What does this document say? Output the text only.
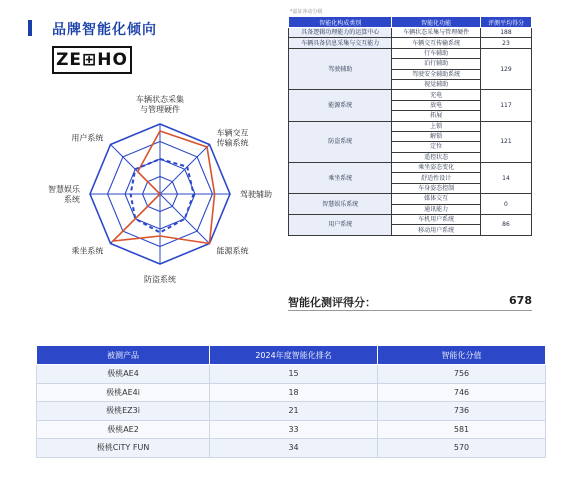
品牌智能化倾向
ZE⊞HO
车辆状态采集与管理硬件
车辆交互传输系统
驾驶辅助
能源系统
防盗系统
乘坐系统
智慧娱乐系统
用户系统
*嘉证冲动分级
智能化构成类别	智能化功能	评测平均得分
具备逻辑功理能力的运算中心	车辆状态采集与管理硬件	188
车辆具备信息采集与交互能力	车辆交互传输系统	23
驾驶辅助	行车辅助	129
	泊行辅助	
	驾驶安全辅助系统	
	视觉辅助	
能源系统	充电	117
	放电	
	拓展	
防盗系统	上锁	121
	解锁	
	定位	
	遥控状态	
乘坐系统	乘坐姿态变化	14
	舒适性设计	
	车身姿态控制	
智慧娱乐系统	媒体交互	0
	通讯能力	
用户系统	车机用户系统	86
	移动用户系统	
智能化测评得分：	678
被测产品	2024年度智能化排名	智能化分值
极桃AE4	15	756
极桃AE4i	18	746
极桃EZ3i	21	736
极桃AE2	33	581
极桃CiTY FUN	34	570
